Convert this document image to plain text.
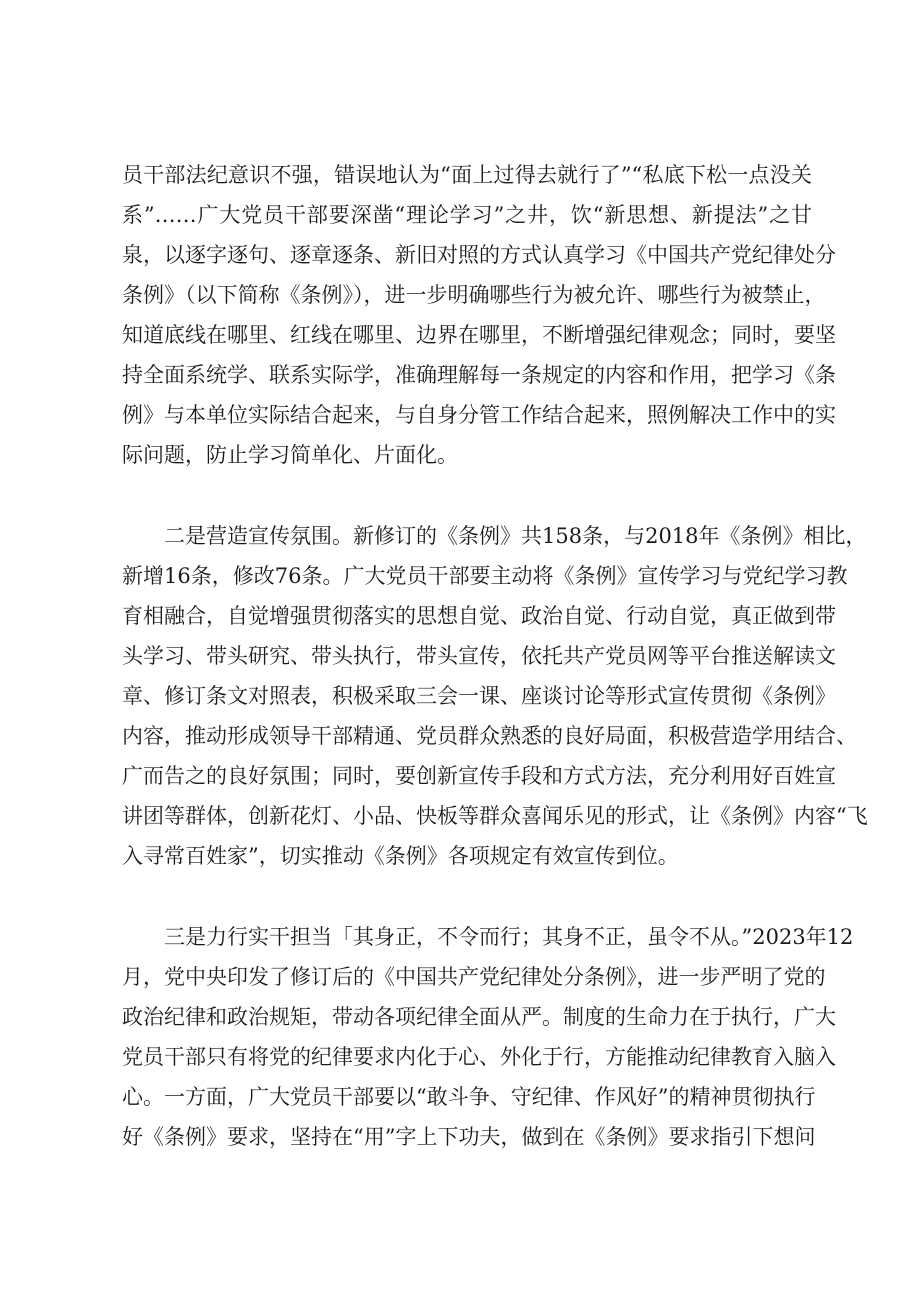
员干部法纪意识不强，错误地认为“面上过得去就行了”“私底下松一点没关
系”……广大党员干部要深凿“理论学习”之井，饮“新思想、新提法”之甘
泉，以逐字逐句、逐章逐条、新旧对照的方式认真学习《中国共产党纪律处分
条例》（以下简称《条例》），进一步明确哪些行为被允许、哪些行为被禁止，
知道底线在哪里、红线在哪里、边界在哪里，不断增强纪律观念；同时，要坚
持全面系统学、联系实际学，准确理解每一条规定的内容和作用，把学习《条
例》与本单位实际结合起来，与自身分管工作结合起来，照例解决工作中的实
际问题，防止学习简单化、片面化。
二是营造宣传氛围。新修订的《条例》共158条，与2018年《条例》相比，
新增16条，修改76条。广大党员干部要主动将《条例》宣传学习与党纪学习教
育相融合，自觉增强贯彻落实的思想自觉、政治自觉、行动自觉，真正做到带
头学习、带头研究、带头执行，带头宣传，依托共产党员网等平台推送解读文
章、修订条文对照表，积极采取三会一课、座谈讨论等形式宣传贯彻《条例》
内容，推动形成领导干部精通、党员群众熟悉的良好局面，积极营造学用结合、
广而告之的良好氛围；同时，要创新宣传手段和方式方法，充分利用好百姓宣
讲团等群体，创新花灯、小品、快板等群众喜闻乐见的形式，让《条例》内容“飞
入寻常百姓家”，切实推动《条例》各项规定有效宣传到位。
三是力行实干担当「其身正，不令而行；其身不正，虽令不从。”2023年12
月，党中央印发了修订后的《中国共产党纪律处分条例》，进一步严明了党的
政治纪律和政治规矩，带动各项纪律全面从严。制度的生命力在于执行，广大
党员干部只有将党的纪律要求内化于心、外化于行，方能推动纪律教育入脑入
心。一方面，广大党员干部要以“敢斗争、守纪律、作风好”的精神贯彻执行
好《条例》要求，坚持在“用”字上下功夫，做到在《条例》要求指引下想问
